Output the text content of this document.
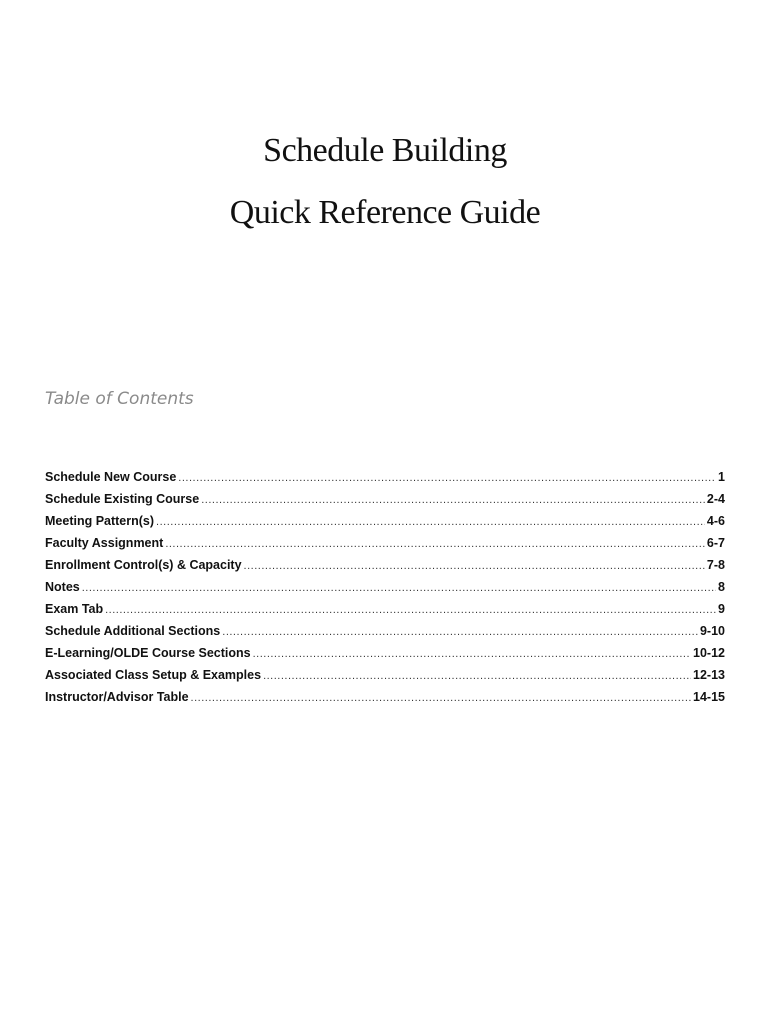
Schedule Building
Quick Reference Guide
Table of Contents
Schedule New Course .....	1
Schedule Existing Course .....	2-4
Meeting Pattern(s) .....	4-6
Faculty Assignment .....	6-7
Enrollment Control(s) & Capacity .....	7-8
Notes .....	8
Exam Tab .....	9
Schedule Additional Sections .....	9-10
E-Learning/OLDE Course Sections .....	10-12
Associated Class Setup & Examples .....	12-13
Instructor/Advisor Table .....	14-15
